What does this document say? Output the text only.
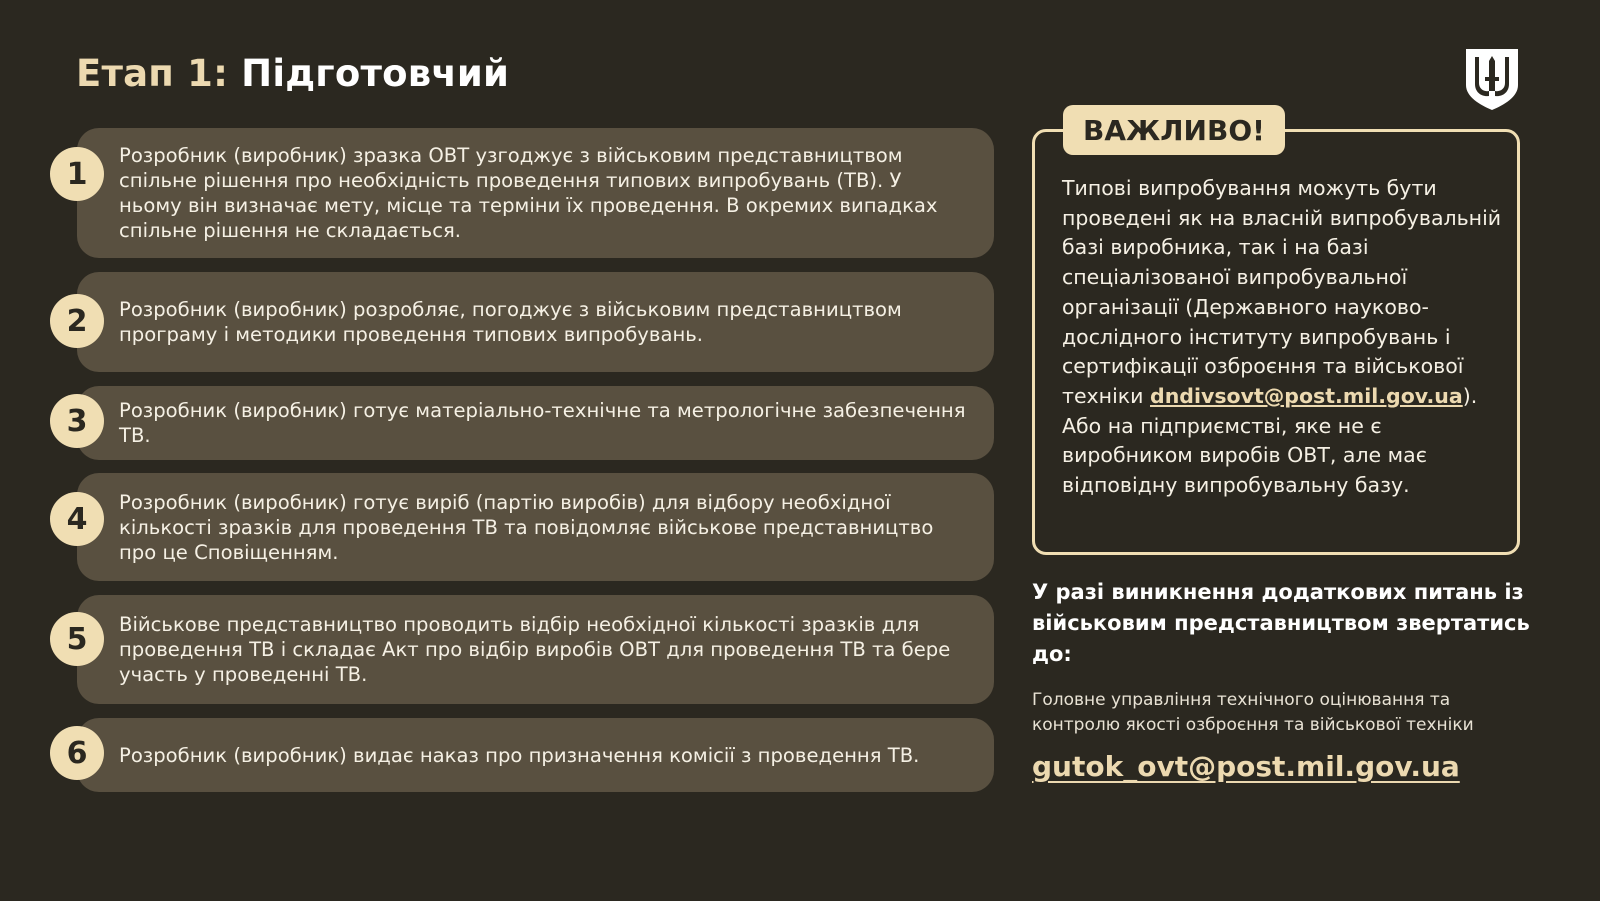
Етап 1: Підготовчий
Розробник (виробник) зразка ОВТ узгоджує з військовим представництвом спільне рішення про необхідність проведення типових випробувань (ТВ). У ньому він визначає мету, місце та терміни їх проведення. В окремих випадках спільне рішення не складається.
1
Розробник (виробник) розробляє, погоджує з військовим представництвом програму і методики проведення типових випробувань.
2
Розробник (виробник) готує матеріально-технічне та метрологічне забезпечення ТВ.
3
Розробник (виробник) готує виріб (партію виробів) для відбору необхідної кількості зразків для проведення ТВ та повідомляє військове представництво про це Сповіщенням.
4
Військове представництво проводить відбір необхідної кількості зразків для проведення ТВ і складає Акт про відбір виробів ОВТ для проведення ТВ та бере участь у проведенні ТВ.
5
Розробник (виробник) видає наказ про призначення комісії з проведення ТВ.
6
ВАЖЛИВО!
Типові випробування можуть бути проведені як на власній випробувальній базі виробника, так і на базі спеціалізованої випробувальної організації (Державного науково-дослідного інституту випробувань і сертифікації озброєння та військової техніки dndivsovt@post.mil.gov.ua). Або на підприємстві, яке не є виробником виробів ОВТ, але має відповідну випробувальну базу.
У разі виникнення додаткових питань із військовим представництвом звертатись до:
Головне управління технічного оцінювання та контролю якості озброєння та військової техніки
gutok_ovt@post.mil.gov.ua
